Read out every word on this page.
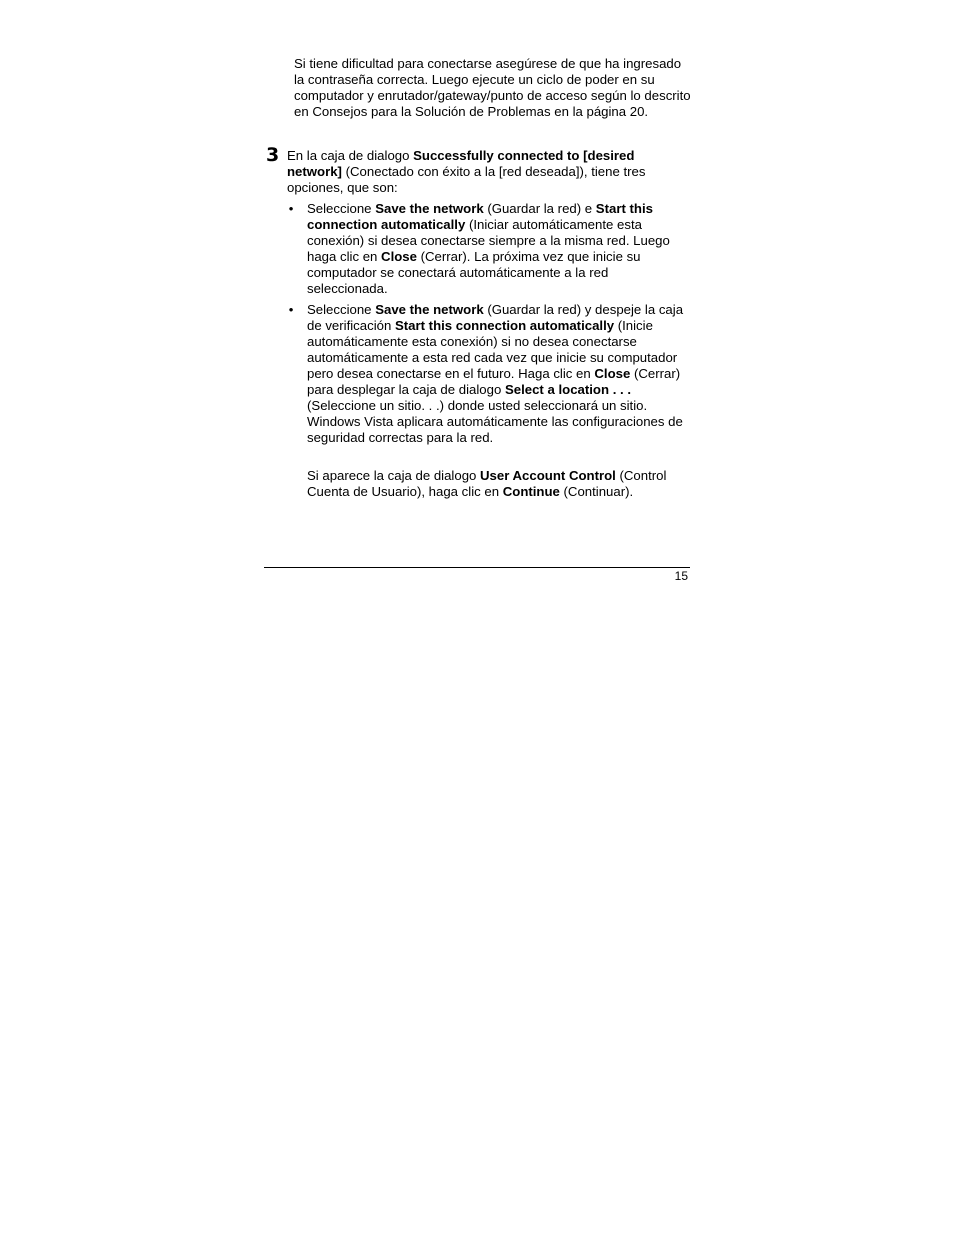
Si tiene dificultad para conectarse asegúrese de que ha ingresado la contraseña correcta. Luego ejecute un ciclo de poder en su computador y enrutador/gateway/punto de acceso según lo descrito en Consejos para la Solución de Problemas en la página 20.

3 En la caja de dialogo Successfully connected to [desired network] (Conectado con éxito a la [red deseada]), tiene tres opciones, que son:

• Seleccione Save the network (Guardar la red) e Start this connection automatically (Iniciar automáticamente esta conexión) si desea conectarse siempre a la misma red. Luego haga clic en Close (Cerrar). La próxima vez que inicie su computador se conectará automáticamente a la red seleccionada.

• Seleccione Save the network (Guardar la red) y despeje la caja de verificación Start this connection automatically (Inicie automáticamente esta conexión) si no desea conectarse automáticamente a esta red cada vez que inicie su computador pero desea conectarse en el futuro. Haga clic en Close (Cerrar) para desplegar la caja de dialogo Select a location . . . (Seleccione un sitio. . .) donde usted seleccionará un sitio. Windows Vista aplicara automáticamente las configuraciones de seguridad correctas para la red.

Si aparece la caja de dialogo User Account Control (Control Cuenta de Usuario), haga clic en Continue (Continuar).

15
